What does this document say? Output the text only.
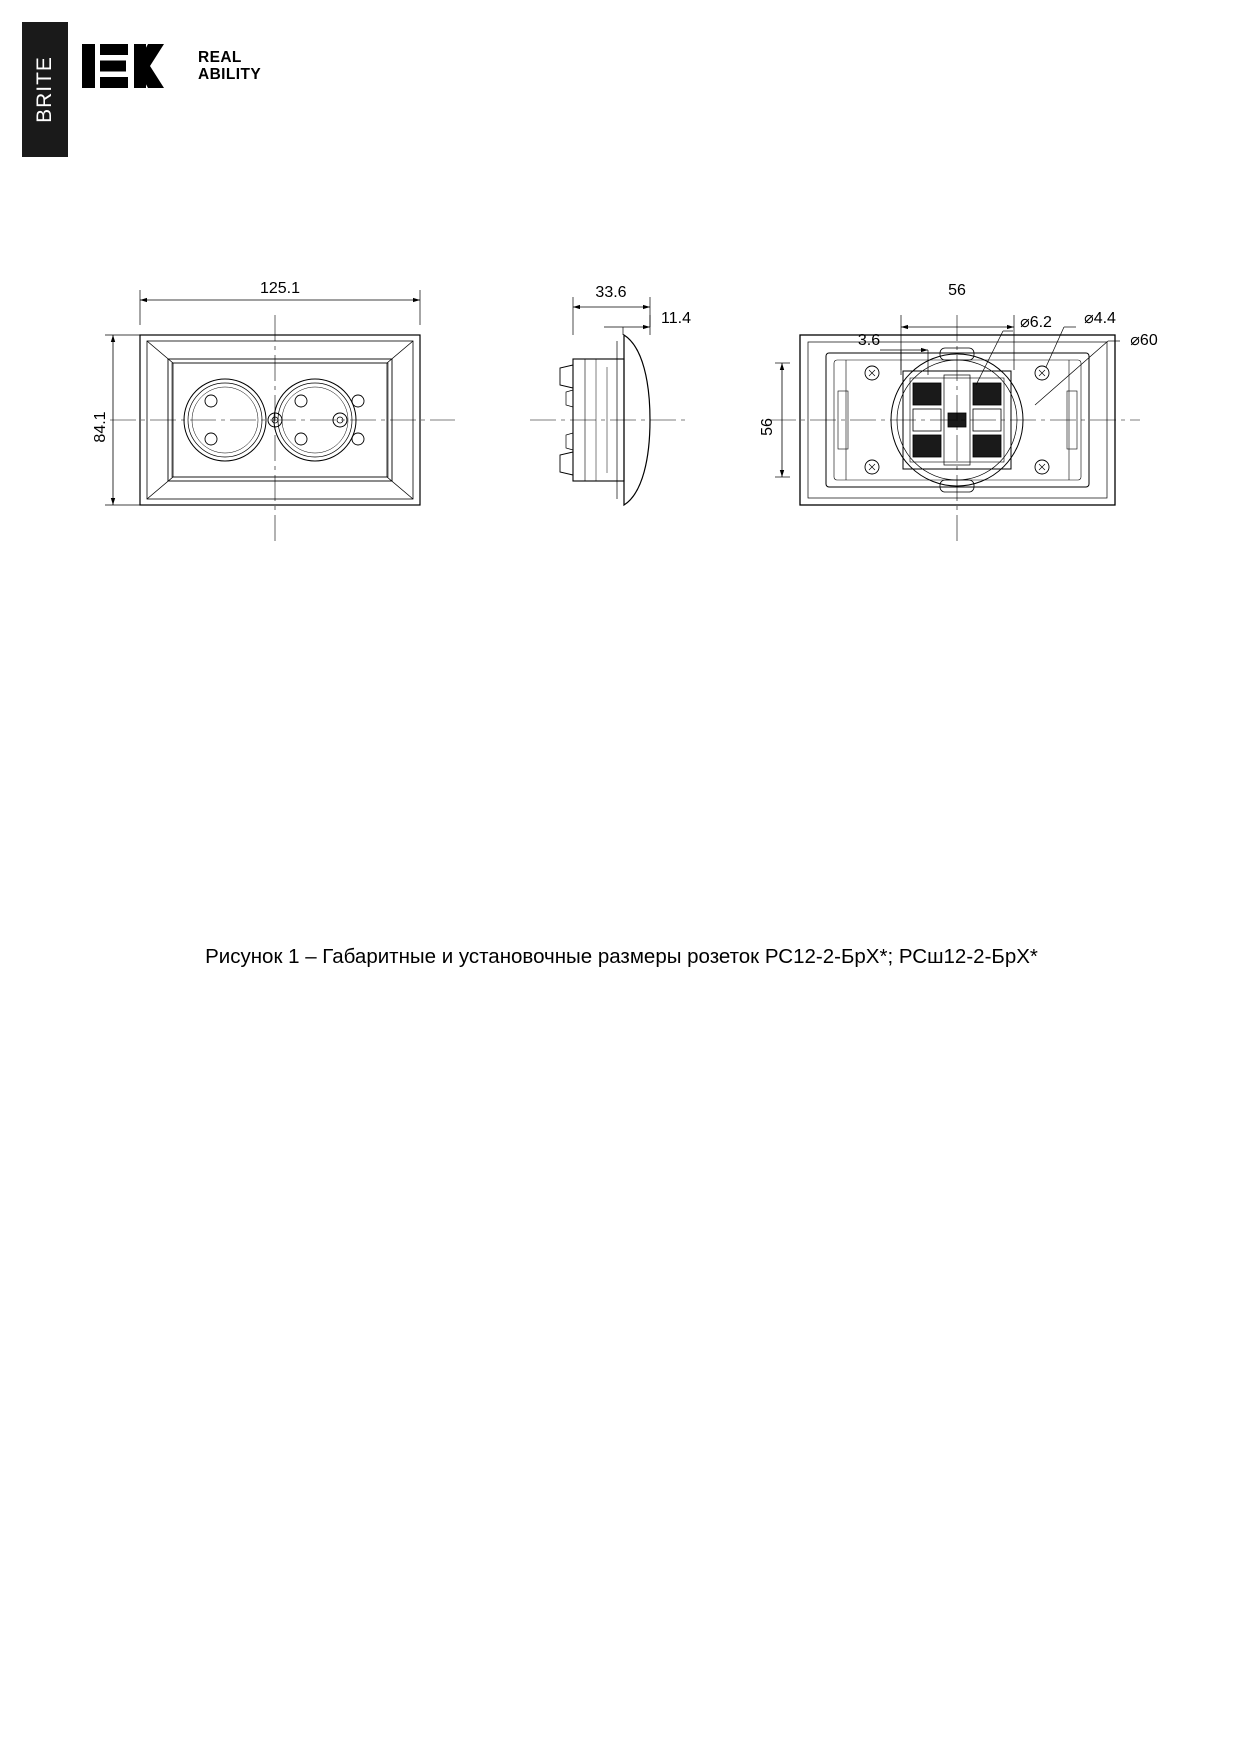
BRITE	REAL
ABILITY
125.1
84.1
33.6
11.4
56
56
3.6
⌀6.2 ⌀4.4
⌀60
Рисунок 1 – Габаритные и установочные размеры розеток РС12-2-БрХ*; РСш12-2-БрХ*
